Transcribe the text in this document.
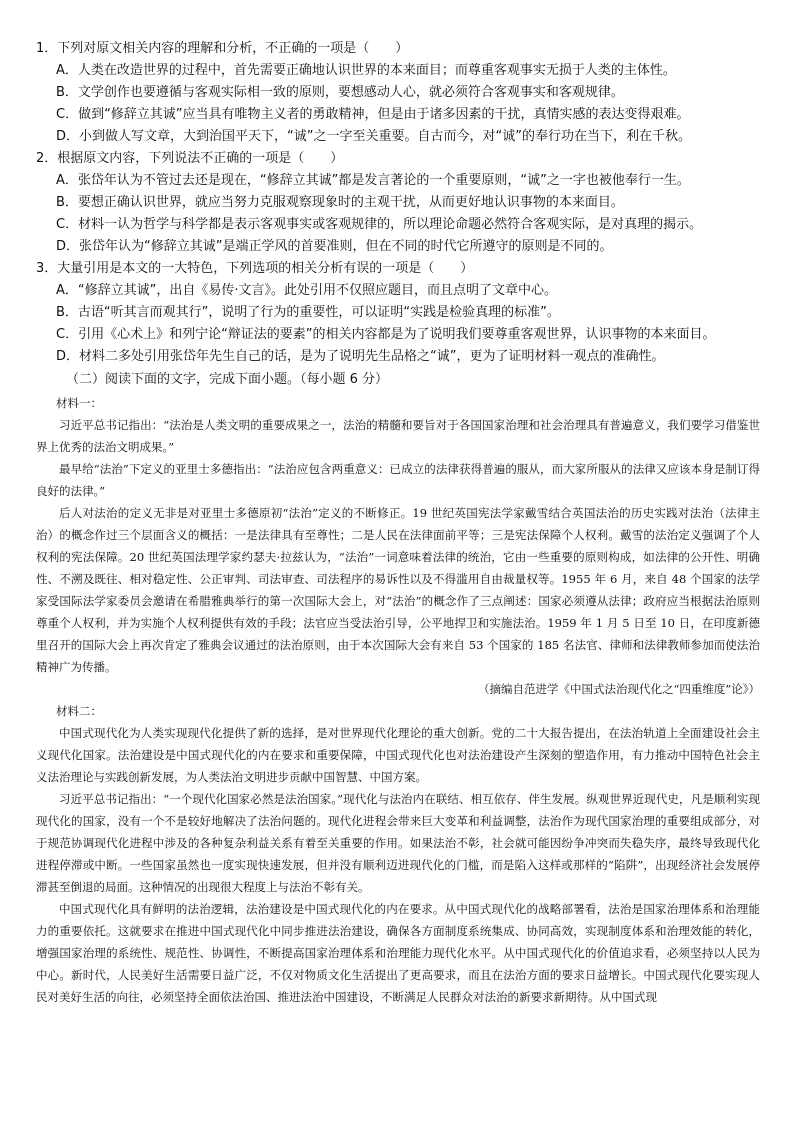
1．下列对原文相关内容的理解和分析，不正确的一项是（　　）

A．人类在改造世界的过程中，首先需要正确地认识世界的本来面目；而尊重客观事实无损于人类的主体性。

B．文学创作也要遵循与客观实际相一致的原则，要想感动人心，就必须符合客观事实和客观规律。

C．做到“修辞立其诚”应当具有唯物主义者的勇敢精神，但是由于诸多因素的干扰，真情实感的表达变得艰难。

D．小到做人写文章，大到治国平天下，“诚”之一字至关重要。自古而今，对“诚”的奉行功在当下，利在千秋。

2．根据原文内容，下列说法不正确的一项是（　　）

A．张岱年认为不管过去还是现在，“修辞立其诚”都是发言著论的一个重要原则，“诚”之一字也被他奉行一生。

B．要想正确认识世界，就应当努力克服观察现象时的主观干扰，从而更好地认识事物的本来面目。

C．材料一认为哲学与科学都是表示客观事实或客观规律的，所以理论命题必然符合客观实际，是对真理的揭示。

D．张岱年认为“修辞立其诚”是端正学风的首要准则，但在不同的时代它所遵守的原则是不同的。

3．大量引用是本文的一大特色，下列选项的相关分析有误的一项是（　　）

A．“修辞立其诚”，出自《易传·文言》。此处引用不仅照应题目，而且点明了文章中心。

B．古语“听其言而观其行”，说明了行为的重要性，可以证明“实践是检验真理的标准”。

C．引用《心术上》和列宁论“辩证法的要素”的相关内容都是为了说明我们要尊重客观世界，认识事物的本来面目。

D．材料二多处引用张岱年先生自己的话，是为了说明先生品格之“诚”，更为了证明材料一观点的准确性。

（二）阅读下面的文字，完成下面小题。（每小题 6 分）

材料一：

习近平总书记指出：“法治是人类文明的重要成果之一，法治的精髓和要旨对于各国国家治理和社会治理具有普遍意义，我们要学习借鉴世界上优秀的法治文明成果。”

最早给“法治”下定义的亚里士多德指出：“法治应包含两重意义：已成立的法律获得普遍的服从，而大家所服从的法律又应该本身是制订得良好的法律。”

后人对法治的定义无非是对亚里士多德原初“法治”定义的不断修正。19 世纪英国宪法学家戴雪结合英国法治的历史实践对法治（法律主治）的概念作过三个层面含义的概括：一是法律具有至尊性；二是人民在法律面前平等；三是宪法保障个人权利。戴雪的法治定义强调了个人权利的宪法保障。20 世纪英国法理学家约瑟夫·拉兹认为，“法治”一词意味着法律的统治，它由一些重要的原则构成，如法律的公开性、明确性、不溯及既往、相对稳定性、公正审判、司法审查、司法程序的易诉性以及不得滥用自由裁量权等。1955 年 6 月，来自 48 个国家的法学家受国际法学家委员会邀请在希腊雅典举行的第一次国际大会上，对“法治”的概念作了三点阐述：国家必须遵从法律；政府应当根据法治原则尊重个人权利，并为实施个人权利提供有效的手段；法官应当受法治引导，公平地捍卫和实施法治。1959 年 1 月 5 日至 10 日，在印度新德里召开的国际大会上再次肯定了雅典会议通过的法治原则，由于本次国际大会有来自 53 个国家的 185 名法官、律师和法律教师参加而使法治精神广为传播。

（摘编自范进学《中国式法治现代化之“四重维度”论》）

材料二：

中国式现代化为人类实现现代化提供了新的选择，是对世界现代化理论的重大创新。党的二十大报告提出，在法治轨道上全面建设社会主义现代化国家。法治建设是中国式现代化的内在要求和重要保障，中国式现代化也对法治建设产生深刻的塑造作用，有力推动中国特色社会主义法治理论与实践创新发展，为人类法治文明进步贡献中国智慧、中国方案。

习近平总书记指出：“一个现代化国家必然是法治国家。”现代化与法治内在联结、相互依存、伴生发展。纵观世界近现代史，凡是顺利实现现代化的国家，没有一个不是较好地解决了法治问题的。现代化进程会带来巨大变革和利益调整，法治作为现代国家治理的重要组成部分，对于规范协调现代化进程中涉及的各种复杂利益关系有着至关重要的作用。如果法治不彰，社会就可能因纷争冲突而失稳失序，最终导致现代化进程停滞或中断。一些国家虽然也一度实现快速发展，但并没有顺利迈进现代化的门槛，而是陷入这样或那样的“陷阱”，出现经济社会发展停滞甚至倒退的局面。这种情况的出现很大程度上与法治不彰有关。

中国式现代化具有鲜明的法治逻辑，法治建设是中国式现代化的内在要求。从中国式现代化的战略部署看，法治是国家治理体系和治理能力的重要依托。这就要求在推进中国式现代化中同步推进法治建设，确保各方面制度系统集成、协同高效，实现制度体系和治理效能的转化，增强国家治理的系统性、规范性、协调性，不断提高国家治理体系和治理能力现代化水平。从中国式现代化的价值追求看，必须坚持以人民为中心。新时代，人民美好生活需要日益广泛，不仅对物质文化生活提出了更高要求，而且在法治方面的要求日益增长。中国式现代化要实现人民对美好生活的向往，必须坚持全面依法治国、推进法治中国建设，不断满足人民群众对法治的新要求新期待。从中国式现
